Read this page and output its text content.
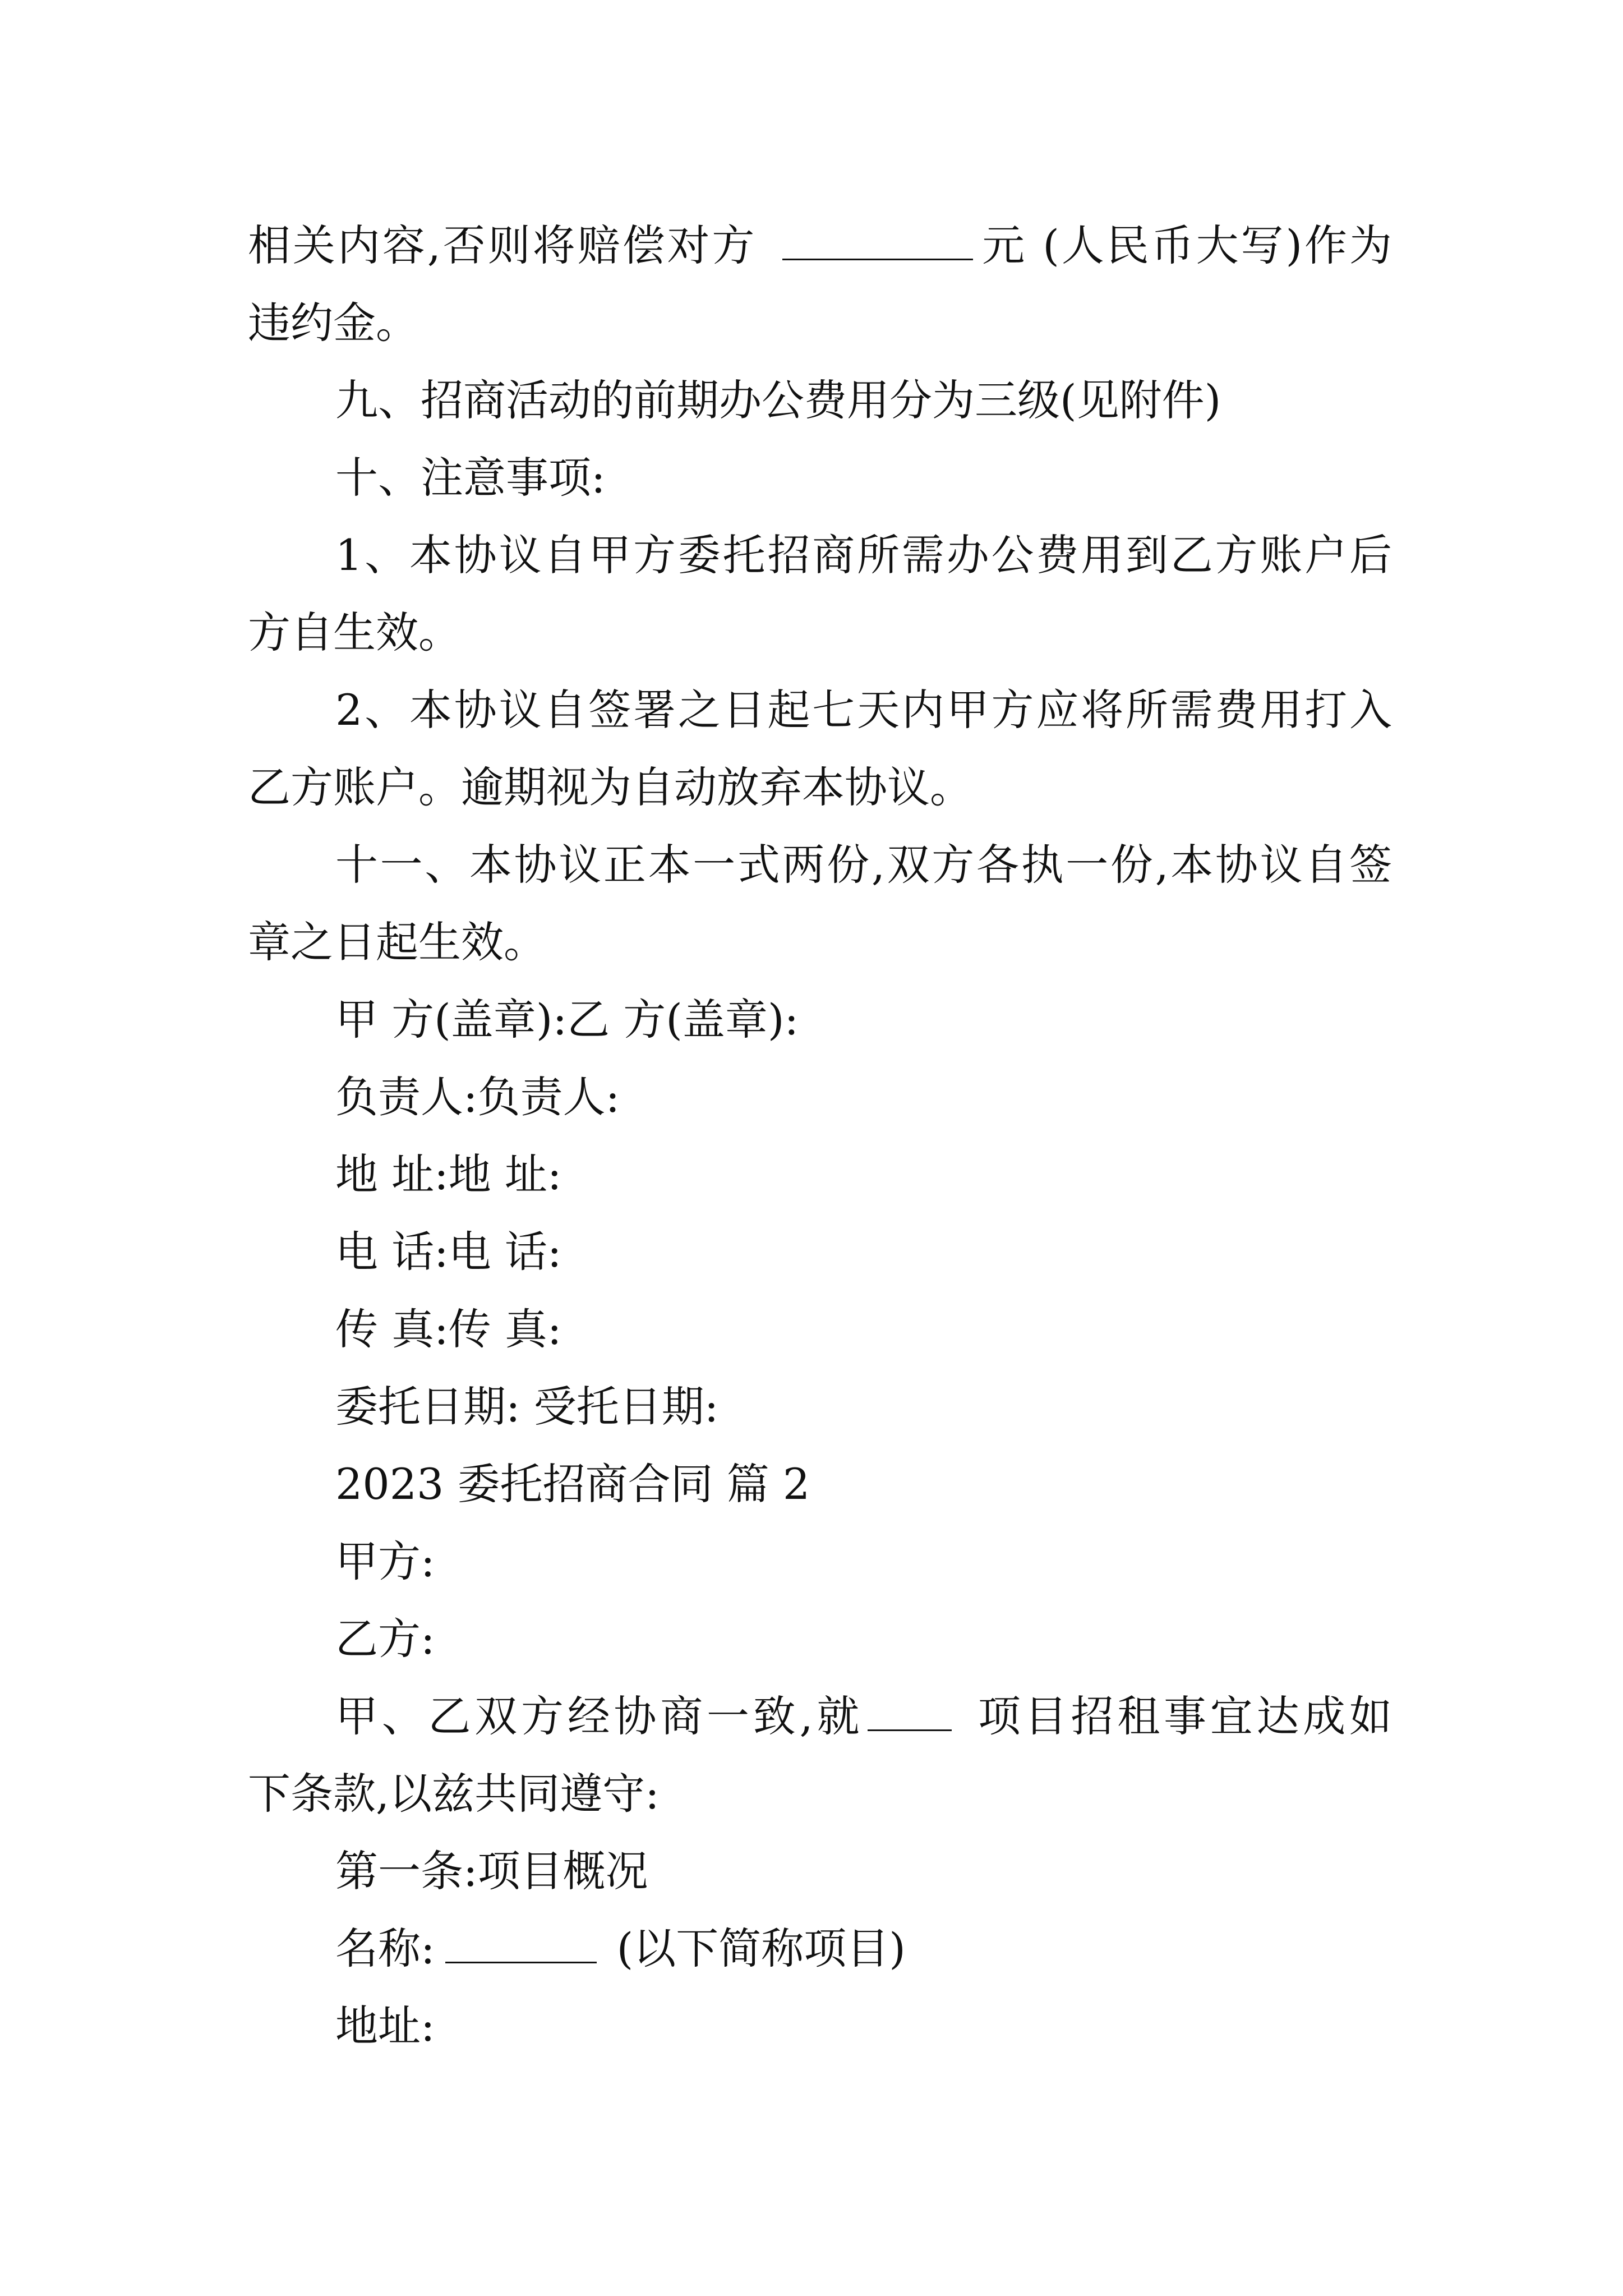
相关内容,否则将赔偿对方	元 (人民币大写)作为
违约金。
九、招商活动的前期办公费用分为三级(见附件)
十、注意事项:
1、本协议自甲方委托招商所需办公费用到乙方账户后
方自生效。
2、本协议自签署之日起七天内甲方应将所需费用打入
乙方账户。逾期视为自动放弃本协议。
十一、本协议正本一式两份,双方各执一份,本协议自签
章之日起生效。
甲 方(盖章):乙 方(盖章):
负责人:负责人:
地 址:地 址:
电 话:电 话:
传 真:传 真:
委托日期: 受托日期:
2023 委托招商合同 篇 2
甲方:
乙方:
甲、乙双方经协商一致,就	项目招租事宜达成如
下条款,以兹共同遵守:
第一条:项目概况
名称:	(以下简称项目)
地址:
